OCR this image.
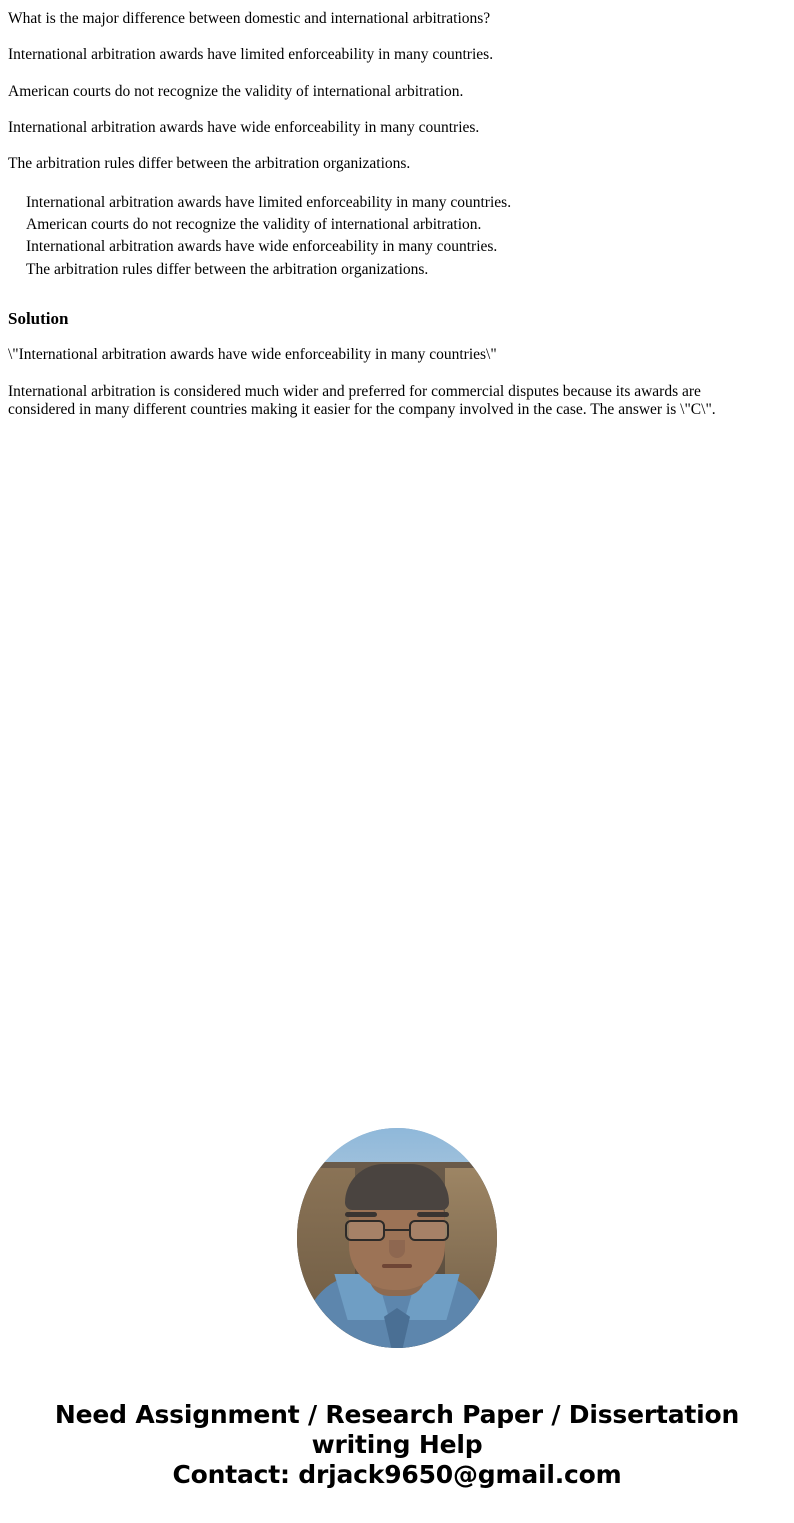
What is the major difference between domestic and international arbitrations?

International arbitration awards have limited enforceability in many countries.

American courts do not recognize the validity of international arbitration.

International arbitration awards have wide enforceability in many countries.

The arbitration rules differ between the arbitration organizations.

International arbitration awards have limited enforceability in many countries.
American courts do not recognize the validity of international arbitration.
International arbitration awards have wide enforceability in many countries.
The arbitration rules differ between the arbitration organizations.
Solution

\"International arbitration awards have wide enforceability in many countries\"

International arbitration is considered much wider and preferred for commercial disputes because its awards are considered in many different countries making it easier for the company involved in the case. The answer is \"C\".

Need Assignment / Research Paper / Dissertation
writing Help
Contact: drjack9650@gmail.com
